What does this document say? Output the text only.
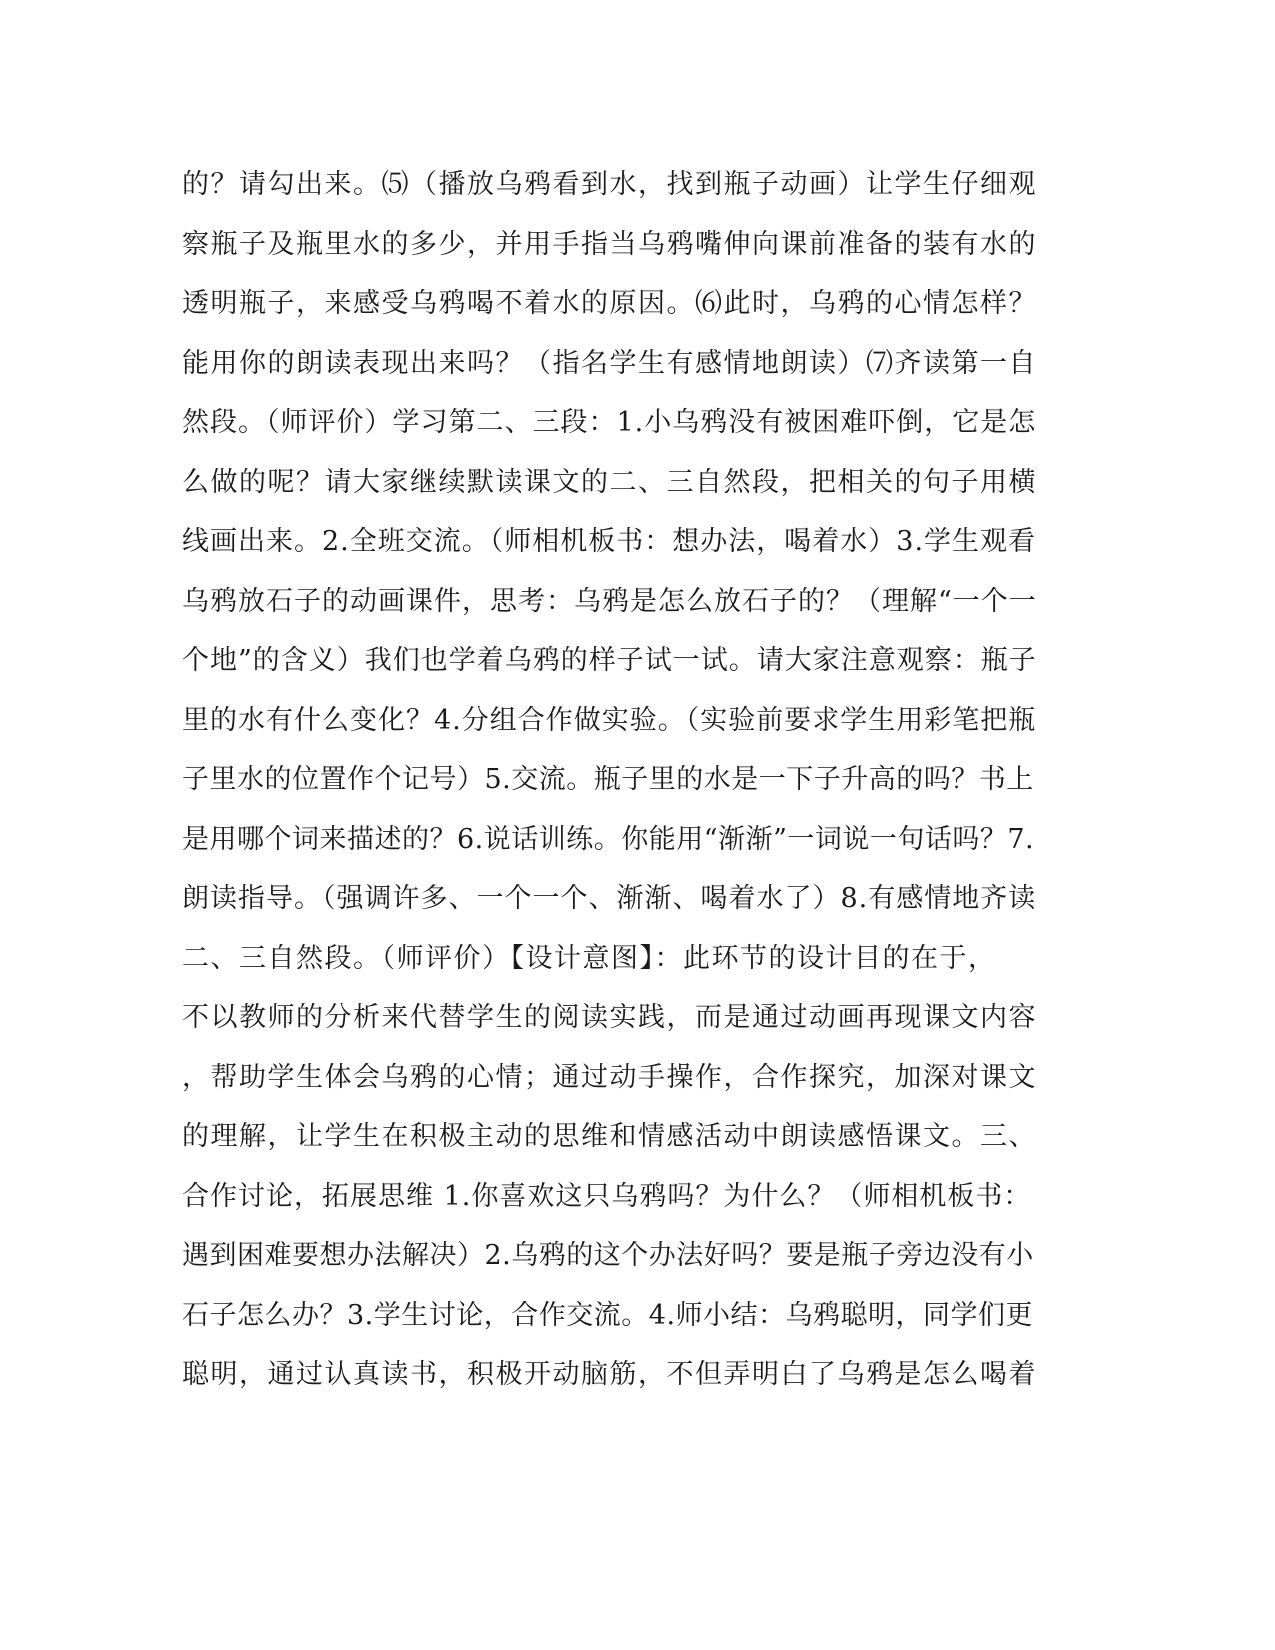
的？请勾出来。⑸（播放乌鸦看到水，找到瓶子动画）让学生仔细观
察瓶子及瓶里水的多少，并用手指当乌鸦嘴伸向课前准备的装有水的
透明瓶子，来感受乌鸦喝不着水的原因。⑹此时，乌鸦的心情怎样？
能用你的朗读表现出来吗？（指名学生有感情地朗读）⑺齐读第一自
然段。（师评价）学习第二、三段：1.小乌鸦没有被困难吓倒，它是怎
么做的呢？请大家继续默读课文的二、三自然段，把相关的句子用横
线画出来。2.全班交流。（师相机板书：想办法，喝着水）3.学生观看
乌鸦放石子的动画课件，思考：乌鸦是怎么放石子的？（理解“一个一
个地”的含义）我们也学着乌鸦的样子试一试。请大家注意观察：瓶子
里的水有什么变化？4.分组合作做实验。（实验前要求学生用彩笔把瓶
子里水的位置作个记号）5.交流。瓶子里的水是一下子升高的吗？书上
是用哪个词来描述的？6.说话训练。你能用“渐渐”一词说一句话吗？7.
朗读指导。（强调许多、一个一个、渐渐、喝着水了）8.有感情地齐读
二、三自然段。（师评价）【设计意图】：此环节的设计目的在于，
不以教师的分析来代替学生的阅读实践，而是通过动画再现课文内容
，帮助学生体会乌鸦的心情；通过动手操作，合作探究，加深对课文
的理解，让学生在积极主动的思维和情感活动中朗读感悟课文。三、
合作讨论，拓展思维 1.你喜欢这只乌鸦吗？为什么？（师相机板书：
遇到困难要想办法解决）2.乌鸦的这个办法好吗？要是瓶子旁边没有小
石子怎么办？3.学生讨论，合作交流。4.师小结：乌鸦聪明，同学们更
聪明，通过认真读书，积极开动脑筋，不但弄明白了乌鸦是怎么喝着
